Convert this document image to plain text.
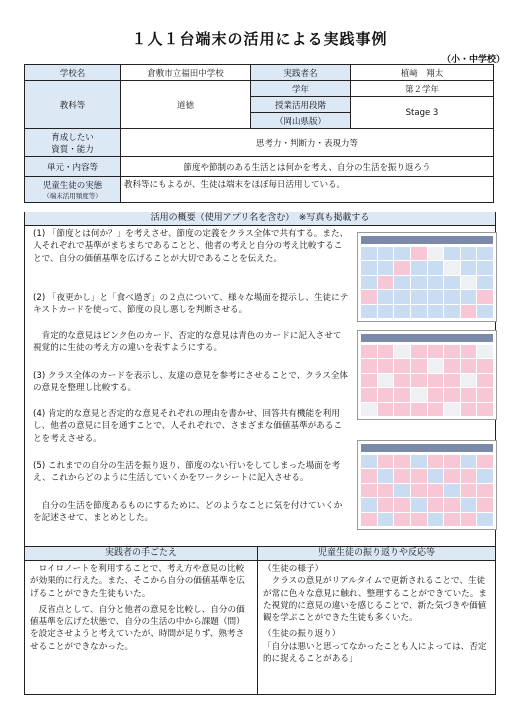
１人１台端末の活用による実践事例
（小・中学校）
学校名	倉敷市立福田中学校	実践者名	植﨑　翔太
教科等	道徳	学年	第２学年
		授業活用段階	Stage 3
		（岡山県版）	
育成したい
資質・能力	思考力・判断力・表現力等		
単元・内容等	節度や節制のある生活とは何かを考え、自分の生活を振り返ろう		
児童生徒の実態
（端末活用頻度等）	教科等にもよるが、生徒は端末をほぼ毎日活用している。		
活用の概要（使用アプリ名を含む）　※写真も掲載する
(1) 「節度とは何か？」を考えさせ、節度の定義をクラス全体で共有する。また、人それぞれで基準がまちまちであることと、他者の考えと自分の考え比較することで、自分の価値基準を広げることが大切であることを伝えた。
(2) 「夜更かし」と「食べ過ぎ」の２点について、様々な場面を提示し、生徒にテキストカードを使って、節度の良し悪しを判断させる。
肯定的な意見はピンク色のカード、否定的な意見は青色のカードに記入させて視覚的に生徒の考え方の違いを表すようにする。
(3) クラス全体のカードを表示し、友達の意見を参考にさせることで、クラス全体の意見を整理し比較する。
(4) 肯定的な意見と否定的な意見それぞれの理由を書かせ、回答共有機能を利用し、他者の意見に目を通すことで、人それぞれで、さまざまな価値基準があることを考えさせる。
(5) これまでの自分の生活を振り返り、節度のない行いをしてしまった場面を考え、これからどのように生活していくかをワークシートに記入させる。
自分の生活を節度あるものにするために、どのようなことに気を付けていくかを記述させて、まとめとした。
実践者の手ごたえ
ロイロノートを利用することで、考え方や意見の比較が効果的に行えた。また、そこから自分の価値基準を広げることができた生徒もいた。
反省点として、自分と他者の意見を比較し、自分の価値基準を広げた状態で、自分の生活の中から課題（問）を設定させようと考えていたが、時間が足りず、熟考させることができなかった。
児童生徒の振り返りや反応等
（生徒の様子）
クラスの意見がリアルタイムで更新されることで、生徒が常に色々な意見に触れ、整理することができていた。また視覚的に意見の違いを感じることで、新た気づきや価値観を学ぶことができた生徒も多くいた。
（生徒の振り返り）
「自分は悪いと思ってなかったことも人によっては、否定的に捉えることがある」
